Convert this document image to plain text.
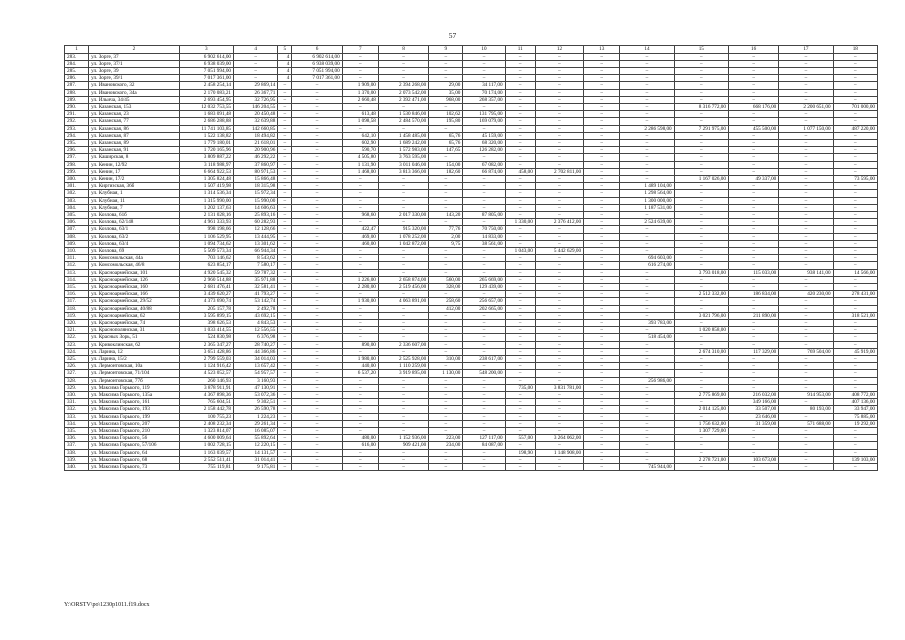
57
1	2	3	4	5	6	7	8	9	10	11	12	13	14	15	16	17	18
283.	ул. Зорге, 37	6 902 614,00	–	4	6 902 614,00	–	–	–	–	–	–	–	–	–	–	–	–
284.	ул. Зорге, 37/1	6 938 039,00	–	4	6 938 039,00	–	–	–	–	–	–	–	–	–	–	–	–
285.	ул. Зорге, 39	7 051 994,00	–	4	7 051 994,00	–	–	–	–	–	–	–	–	–	–	–	–
286.	ул. Зорге, 39/1	7 017 361,00	–	4	7 017 361,00	–	–	–	–	–	–	–	–	–	–	–	–
287.	ул. Ивановского, 32	2 458 254,14	29 869,14	–	–	1 909,00	2 394 268,00	29,00	34 117,00	–	–	–	–	–	–	–	–
288.	ул. Ивановского, 34а	2 170 083,21	26 367,71	–	–	1 370,00	2 073 542,00	35,00	70 174,00	–	–	–	–	–	–	–	–
289.	ул. Ильича, 34/45	2 693 454,95	32 726,95	–	–	2 660,48	2 392 471,00	968,00	268 357,00	–	–	–	–	–	–	–	–
290.	ул. Казанская, 153	12 032 753,55	146 204,55	–	–	–	–	–	–	–	–	–	–	8 316 772,00	668 176,00	2 200 651,00	701 000,00
291.	ул. Казанская, 23	1 683 091,48	20 450,48	–	–	613,48	1 530 846,00	102,62	131 795,00	–	–	–	–	–	–	–	–
292.	ул. Казанская, 77	2 686 288,88	32 639,88	–	–	1 098,58	2 484 570,00	195,80	169 079,00	–	–	–	–	–	–	–	–
293.	ул. Казанская, 86	11 741 103,85	142 660,85	–	–	–	–	–	–	–	–	–	2 286 598,00	7 291 975,00	455 500,00	1 077 150,00	487 220,00
294.	ул. Казанская, 87	1 522 138,82	18 494,82	–	–	642,10	1 458 485,00	65,76	45 159,00	–	–	–	–	–	–	–	–
295.	ул. Казанская, 89	1 779 180,01	21 618,01	–	–	602,90	1 689 242,00	65,76	68 320,00	–	–	–	–	–	–	–	–
296.	ул. Казанская, 91	1 720 165,96	20 900,96	–	–	590,70	1 572 983,00	147,65	126 282,00	–	–	–	–	–	–	–	–
297.	ул. Каширская, 8	3 809 887,22	46 292,22	–	–	4 505,80	3 763 595,00	–	–	–	–	–	–	–	–	–	–
298.	ул. Кенин, 12/92	3 118 988,97	37 860,97	–	–	1 131,90	3 011 046,00	154,00	67 082,00	–	–	–	–	–	–	–	–
299.	ул. Кенин, 17	6 664 922,53	80 971,53	–	–	1 468,00	3 813 366,00	182,60	66 874,00	458,00	2 702 811,00	–	–	–	–	–	–
300.	ул. Кенин, 17/2	1 305 824,48	15 866,48	–	–	–	–	–	–	–	–	–	–	1 167 026,00	49 337,00	–	73 595,00
301.	ул. Киргизская, 36б	1 507 419,98	18 315,98	–	–	–	–	–	–	–	–	–	1 489 104,00	–	–	–	–
302.	ул. Клубная, 1	1 314 536,34	15 972,34	–	–	–	–	–	–	–	–	–	1 298 564,00	–	–	–	–
303.	ул. Клубная, 11	1 315 990,00	15 990,00	–	–	–	–	–	–	–	–	–	1 300 000,00	–	–	–	–
304.	ул. Клубная, 7	1 202 137,63	14 606,63	–	–	–	–	–	–	–	–	–	1 187 531,00	–	–	–	–
305.	ул. Козлова, 61б	2 131 028,16	25 893,16	–	–	968,60	2 017 330,00	143,20	87 805,00	–	–	–	–	–	–	–	–
306.	ул. Козлова, 62/148	4 961 333,93	60 282,93	–	–	–	–	–	–	1 330,00	2 376 412,00	–	2 524 639,00	–	–	–	–
307.	ул. Козлова, 63/1	998 198,66	12 128,66	–	–	422,47	915 320,00	77,76	70 750,00	–	–	–	–	–	–	–	–
308.	ул. Козлова, 63/2	1 106 529,95	13 444,95	–	–	469,00	1 078 252,00	2,00	14 833,00	–	–	–	–	–	–	–	–
309.	ул. Козлова, 63/4	1 094 734,62	13 301,62	–	–	460,00	1 042 872,00	9,75	38 561,00	–	–	–	–	–	–	–	–
310.	ул. Козлова, 69	5 509 573,34	66 944,34	–	–	–	–	–	–	1 043,00	5 442 629,00	–	–	–	–	–	–
311.	ул. Комсомольская, 44а	703 146,62	8 543,62	–	–	–	–	–	–	–	–	–	694 603,00	–	–	–	–
312.	ул. Комсомольская, 46/8	623 854,17	7 580,17	–	–	–	–	–	–	–	–	–	616 274,00	–	–	–	–
313.	ул. Красноармейская, 101	4 920 545,32	59 787,32	–	–	–	–	–	–	–	–	–	–	3 793 018,00	115 033,00	938 141,00	14 566,00
314.	ул. Красноармейская, 126	2 960 514,88	35 971,88	–	–	1 226,00	2 658 874,00	560,00	265 669,00	–	–	–	–	–	–	–	–
315.	ул. Красноармейская, 160	2 681 476,41	32 581,41	–	–	2 280,00	2 519 456,00	328,00	129 439,00	–	–	–	–	–	–	–	–
316.	ул. Красноармейская, 166	3 439 620,27	41 793,27	–	–	–	–	–	–	–	–	–	–	2 512 332,00	186 834,00	420 230,00	278 431,00
317.	ул. Красноармейская, 29/52	4 373 690,74	53 142,74	–	–	1 930,00	4 063 891,00	258,60	256 657,00	–	–	–	–	–	–	–	–
318.	ул. Красноармейская, 40/88	205 157,78	2 492,78	–	–	–	–	412,00	202 665,00	–	–	–	–	–	–	–	–
319.	ул. Красноармейская, 62	3 595 899,15	43 692,15	–	–	–	–	–	–	–	–	–	–	3 021 796,00	211 890,00	–	318 521,00
320.	ул. Красноармейская, 74	398 626,53	4 843,53	–	–	–	–	–	–	–	–	–	393 783,00	–	–	–	–
321.	ул. Краснополянская, 31	1 033 414,55	12 556,55	–	–	–	–	–	–	–	–	–	–	1 020 858,00	–	–	–
322.	ул. Красных Зорь, 51	524 830,98	6 376,98	–	–	–	–	–	–	–	–	–	518 454,00	–	–	–	–
323.	ул. Кривоклинская, 62	2 365 347,27	28 740,27	–	–	890,00	2 336 607,00	–	–	–	–	–	–	–	–	–	–
324.	ул. Ларина, 12	3 651 428,86	44 366,86	–	–	–	–	–	–	–	–	–	–	2 674 310,00	117 329,00	769 504,00	45 919,00
325.	ул. Ларина, 15/2	2 799 559,03	34 014,03	–	–	1 980,00	2 525 928,00	310,00	238 617,00	–	–	–	–	–	–	–	–
326.	ул. Лермонтовская, 10а	1 124 916,42	13 657,42	–	–	440,00	1 110 259,00	–	–	–	–	–	–	–	–	–	–
327.	ул. Лермонтовская, 71/104	4 523 052,57	54 957,57	–	–	6 537,20	3 919 895,00	1 130,00	548 200,00	–	–	–	–	–	–	–	–
328.	ул. Лермонтовская, 77б	260 146,93	3 160,93	–	–	–	–	–	–	–	–	–	256 986,00	–	–	–	–
329.	ул. Максима Горького, 119	3 878 911,91	47 130,91	–	–	–	–	–	–	735,00	3 831 781,00	–	–	–	–	–	–
330.	ул. Максима Горького, 135а	4 367 898,36	53 072,36	–	–	–	–	–	–	–	–	–	–	2 775 869,00	216 032,00	914 953,00	408 772,00
331.	ул. Максима Горького, 161	765 604,51	9 302,51	–	–	–	–	–	–	–	–	–	–	–	349 166,00	–	407 136,00
332.	ул. Максима Горького, 193	2 158 442,78	26 590,78	–	–	–	–	–	–	–	–	–	–	2 014 125,00	33 507,00	80 193,00	33 947,00
333.	ул. Максима Горького, 199	100 755,23	1 224,23	–	–	–	–	–	–	–	–	–	–	–	23 646,00	–	75 885,00
334.	ул. Максима Горького, 207	2 408 232,34	29 261,34	–	–	–	–	–	–	–	–	–	–	1 756 632,00	31 359,00	571 688,00	19 292,00
335.	ул. Максима Горького, 210	1 323 814,07	16 085,07	–	–	–	–	–	–	–	–	–	–	1 307 729,00	–	–	–
336.	ул. Максима Горького, 56	4 600 009,64	55 892,64	–	–	480,00	1 152 936,00	223,00	127 117,00	557,00	3 264 062,00	–	–	–	–	–	–
337.	ул. Максима Горького, 57/106	1 002 728,15	12 220,15	–	–	616,00	909 421,00	234,00	84 087,00	–	–	–	–	–	–	–	–
338.	ул. Максима Горького, 64	1 163 039,57	14 131,57	–	–	–	–	–	–	198,90	1 148 908,00	–	–	–	–	–	–
339.	ул. Максима Горького, 68	2 552 511,41	31 014,41	–	–	–	–	–	–	–	–	–	–	2 278 721,00	103 673,00	–	139 103,00
340.	ул. Максима Горького, 73	755 119,81	9 175,81	–	–	–	–	–	–	–	–	–	745 944,00	–	–	–	–
Y:\ORSTV\po\1230p1011.f19.docx
